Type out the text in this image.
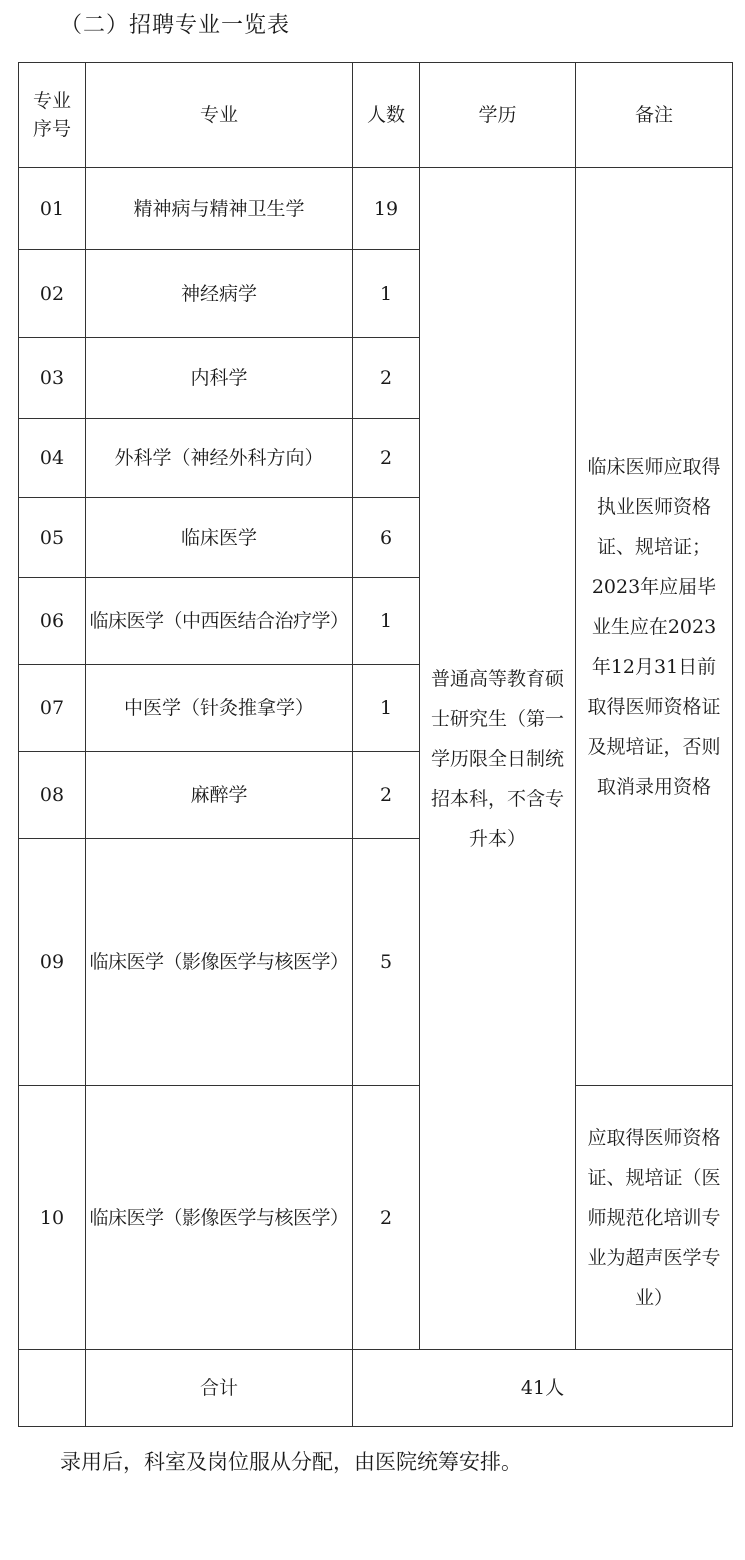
（二）招聘专业一览表
专业序号	专业	人数	学历	备注
01	精神病与精神卫生学	19	普通高等教育硕士研究生（第一学历限全日制统招本科，不含专升本）	临床医师应取得执业医师资格证、规培证；2023年应届毕业生应在2023年12月31日前取得医师资格证及规培证，否则取消录用资格
02	神经病学	1		
03	内科学	2		
04	外科学（神经外科方向）	2		
05	临床医学	6		
06	临床医学（中西医结合治疗学）	1		
07	中医学（针灸推拿学）	1		
08	麻醉学	2		
09	临床医学（影像医学与核医学）	5		
10	临床医学（影像医学与核医学）	2		应取得医师资格证、规培证（医师规范化培训专业为超声医学专业）
	合计	41人		
录用后，科室及岗位服从分配，由医院统筹安排。
